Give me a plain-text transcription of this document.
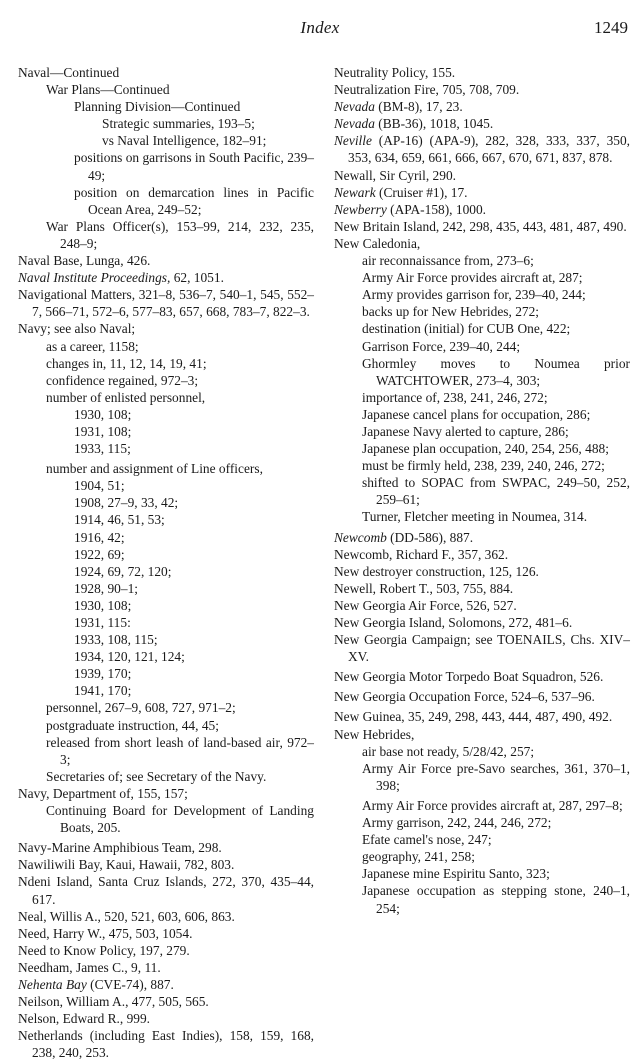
Index	1249
Naval—Continued
War Plans—Continued
Planning Division—Continued
Strategic summaries, 193–5;
vs Naval Intelligence, 182–91;
positions on garrisons in South Pacific, 239–49;
position on demarcation lines in Pacific Ocean Area, 249–52;
War Plans Officer(s), 153–99, 214, 232, 235, 248–9;
Naval Base, Lunga, 426.
Naval Institute Proceedings, 62, 1051.
Navigational Matters, 321–8, 536–7, 540–1, 545, 552–7, 566–71, 572–6, 577–83, 657, 668, 783–7, 822–3.
Navy; see also Naval;
as a career, 1158;
changes in, 11, 12, 14, 19, 41;
confidence regained, 972–3;
number of enlisted personnel,
1930, 108;
1931, 108;
1933, 115;
number and assignment of Line officers,
1904, 51;
1908, 27–9, 33, 42;
1914, 46, 51, 53;
1916, 42;
1922, 69;
1924, 69, 72, 120;
1928, 90–1;
1930, 108;
1931, 115:
1933, 108, 115;
1934, 120, 121, 124;
1939, 170;
1941, 170;
personnel, 267–9, 608, 727, 971–2;
postgraduate instruction, 44, 45;
released from short leash of land-based air, 972–3;
Secretaries of; see Secretary of the Navy.
Navy, Department of, 155, 157;
Continuing Board for Development of Landing Boats, 205.
Navy-Marine Amphibious Team, 298.
Nawiliwili Bay, Kaui, Hawaii, 782, 803.
Ndeni Island, Santa Cruz Islands, 272, 370, 435–44, 617.
Neal, Willis A., 520, 521, 603, 606, 863.
Need, Harry W., 475, 503, 1054.
Need to Know Policy, 197, 279.
Needham, James C., 9, 11.
Nehenta Bay (CVE-74), 887.
Neilson, William A., 477, 505, 565.
Nelson, Edward R., 999.
Netherlands (including East Indies), 158, 159, 168, 238, 240, 253.
Neutrality Policy, 155.
Neutralization Fire, 705, 708, 709.
Nevada (BM-8), 17, 23.
Nevada (BB-36), 1018, 1045.
Neville (AP-16) (APA-9), 282, 328, 333, 337, 350, 353, 634, 659, 661, 666, 667, 670, 671, 837, 878.
Newall, Sir Cyril, 290.
Newark (Cruiser #1), 17.
Newberry (APA-158), 1000.
New Britain Island, 242, 298, 435, 443, 481, 487, 490.
New Caledonia,
air reconnaissance from, 273–6;
Army Air Force provides aircraft at, 287;
Army provides garrison for, 239–40, 244;
backs up for New Hebrides, 272;
destination (initial) for CUB One, 422;
Garrison Force, 239–40, 244;
Ghormley moves to Noumea prior WATCHTOWER, 273–4, 303;
importance of, 238, 241, 246, 272;
Japanese cancel plans for occupation, 286;
Japanese Navy alerted to capture, 286;
Japanese plan occupation, 240, 254, 256, 488;
must be firmly held, 238, 239, 240, 246, 272;
shifted to SOPAC from SWPAC, 249–50, 252, 259–61;
Turner, Fletcher meeting in Noumea, 314.
Newcomb (DD-586), 887.
Newcomb, Richard F., 357, 362.
New destroyer construction, 125, 126.
Newell, Robert T., 503, 755, 884.
New Georgia Air Force, 526, 527.
New Georgia Island, Solomons, 272, 481–6.
New Georgia Campaign; see TOENAILS, Chs. XIV–XV.
New Georgia Motor Torpedo Boat Squadron, 526.
New Georgia Occupation Force, 524–6, 537–96.
New Guinea, 35, 249, 298, 443, 444, 487, 490, 492.
New Hebrides,
air base not ready, 5/28/42, 257;
Army Air Force pre-Savo searches, 361, 370–1, 398;
Army Air Force provides aircraft at, 287, 297–8;
Army garrison, 242, 244, 246, 272;
Efate camel's nose, 247;
geography, 241, 258;
Japanese mine Espiritu Santo, 323;
Japanese occupation as stepping stone, 240–1, 254;
